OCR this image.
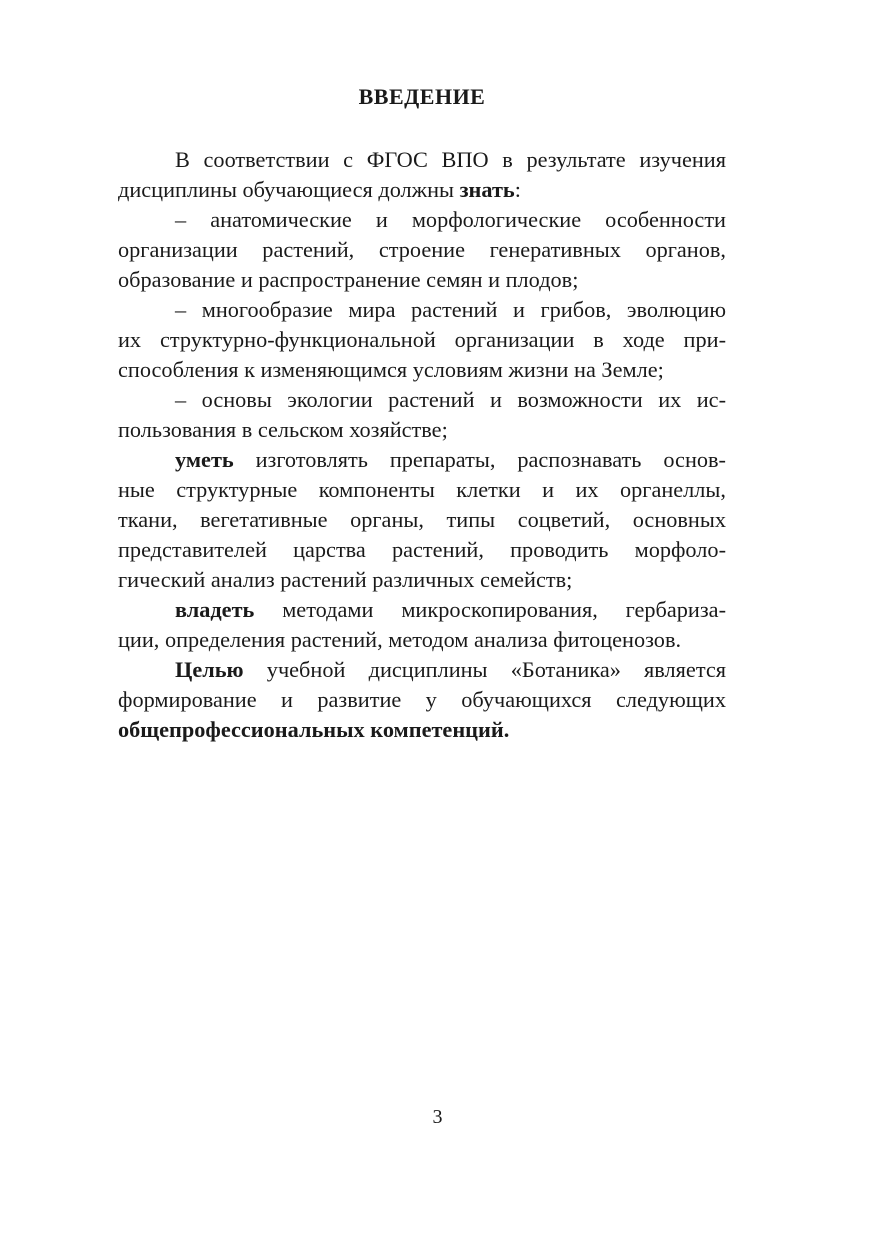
ВВЕДЕНИЕ
В соответствии с ФГОС ВПО в результате изучения
дисциплины обучающиеся должны знать:
– анатомические и морфологические особенности
организации растений, строение генеративных органов,
образование и распространение семян и плодов;
– многообразие мира растений и грибов, эволюцию
их структурно-функциональной организации в ходе при-
способления к изменяющимся условиям жизни на Земле;
– основы экологии растений и возможности их ис-
пользования в сельском хозяйстве;
уметь изготовлять препараты, распознавать основ-
ные структурные компоненты клетки и их органеллы,
ткани, вегетативные органы, типы соцветий, основных
представителей царства растений, проводить морфоло-
гический анализ растений различных семейств;
владеть методами микроскопирования, гербаризa-
ции, определения растений, методом анализа фитоценозов.
Целью учебной дисциплины «Ботаника» является
формирование и развитие у обучающихся следующих
общепрофессиональных компетенций.
3
